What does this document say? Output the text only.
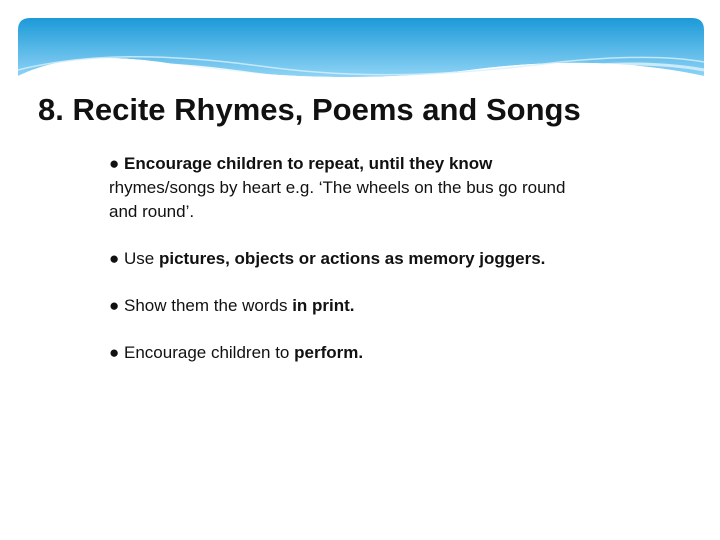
8. Recite Rhymes, Poems and Songs
● Encourage children to repeat, until they know rhymes/songs by heart e.g. ‘The wheels on the bus go round and round’.
● Use pictures, objects or actions as memory joggers.
● Show them the words in print.
● Encourage children to perform.
